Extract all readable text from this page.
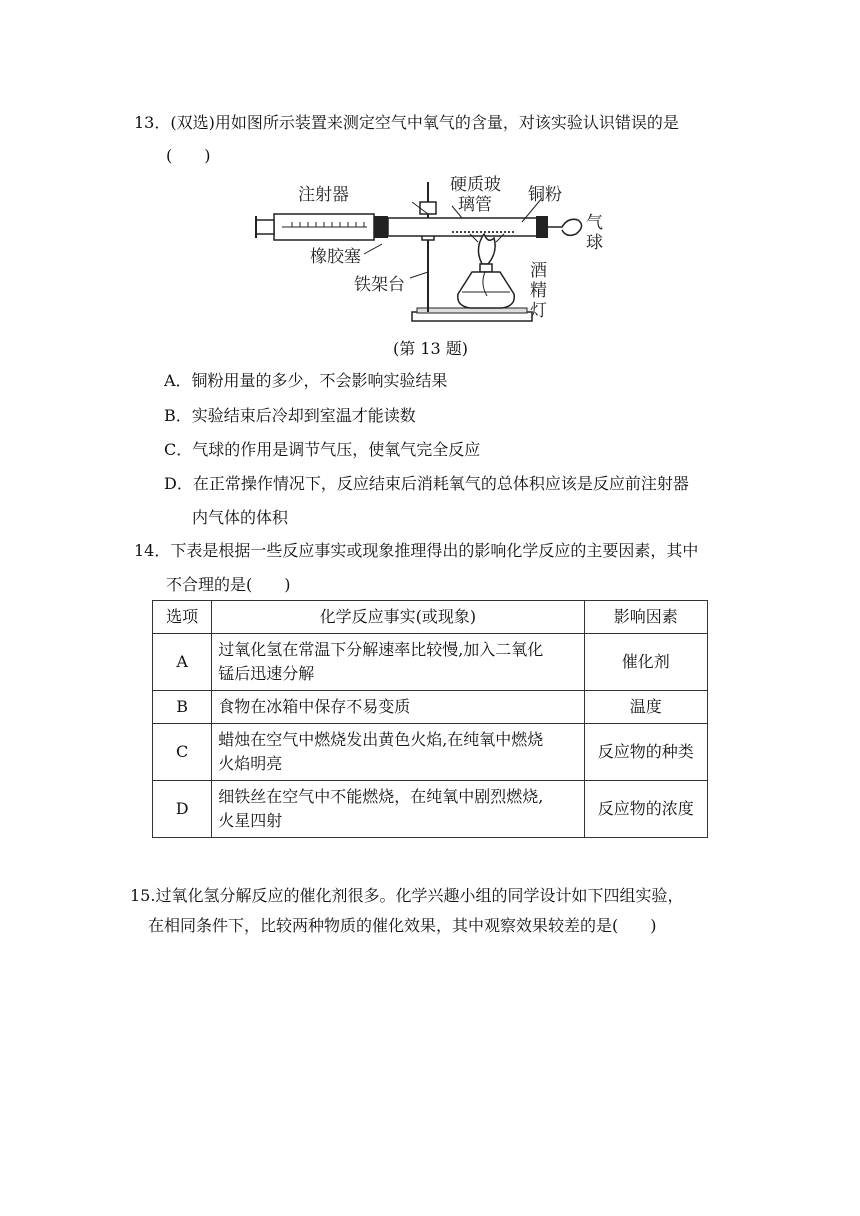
13．(双选)用如图所示装置来测定空气中氧气的含量，对该实验认识错误的是
(　　)
注射器	硬质玻
璃管 铜粉
气
球
橡胶塞
铁架台
酒
精
灯
(第 13 题)
A．铜粉用量的多少，不会影响实验结果
B．实验结束后冷却到室温才能读数
C．气球的作用是调节气压，使氧气完全反应
D．在正常操作情况下，反应结束后消耗氧气的总体积应该是反应前注射器
内气体的体积
14．下表是根据一些反应事实或现象推理得出的影响化学反应的主要因素，其中
不合理的是(　　)
选项	化学反应事实(或现象)	影响因素
A	过氧化氢在常温下分解速率比较慢,加入二氧化
锰后迅速分解	催化剂
B	食物在冰箱中保存不易变质	温度
C	蜡烛在空气中燃烧发出黄色火焰,在纯氧中燃烧
火焰明亮	反应物的种类
D	细铁丝在空气中不能燃烧，在纯氧中剧烈燃烧,
火星四射	反应物的浓度
15.过氧化氢分解反应的催化剂很多。化学兴趣小组的同学设计如下四组实验，
在相同条件下，比较两种物质的催化效果，其中观察效果较差的是(　　)
